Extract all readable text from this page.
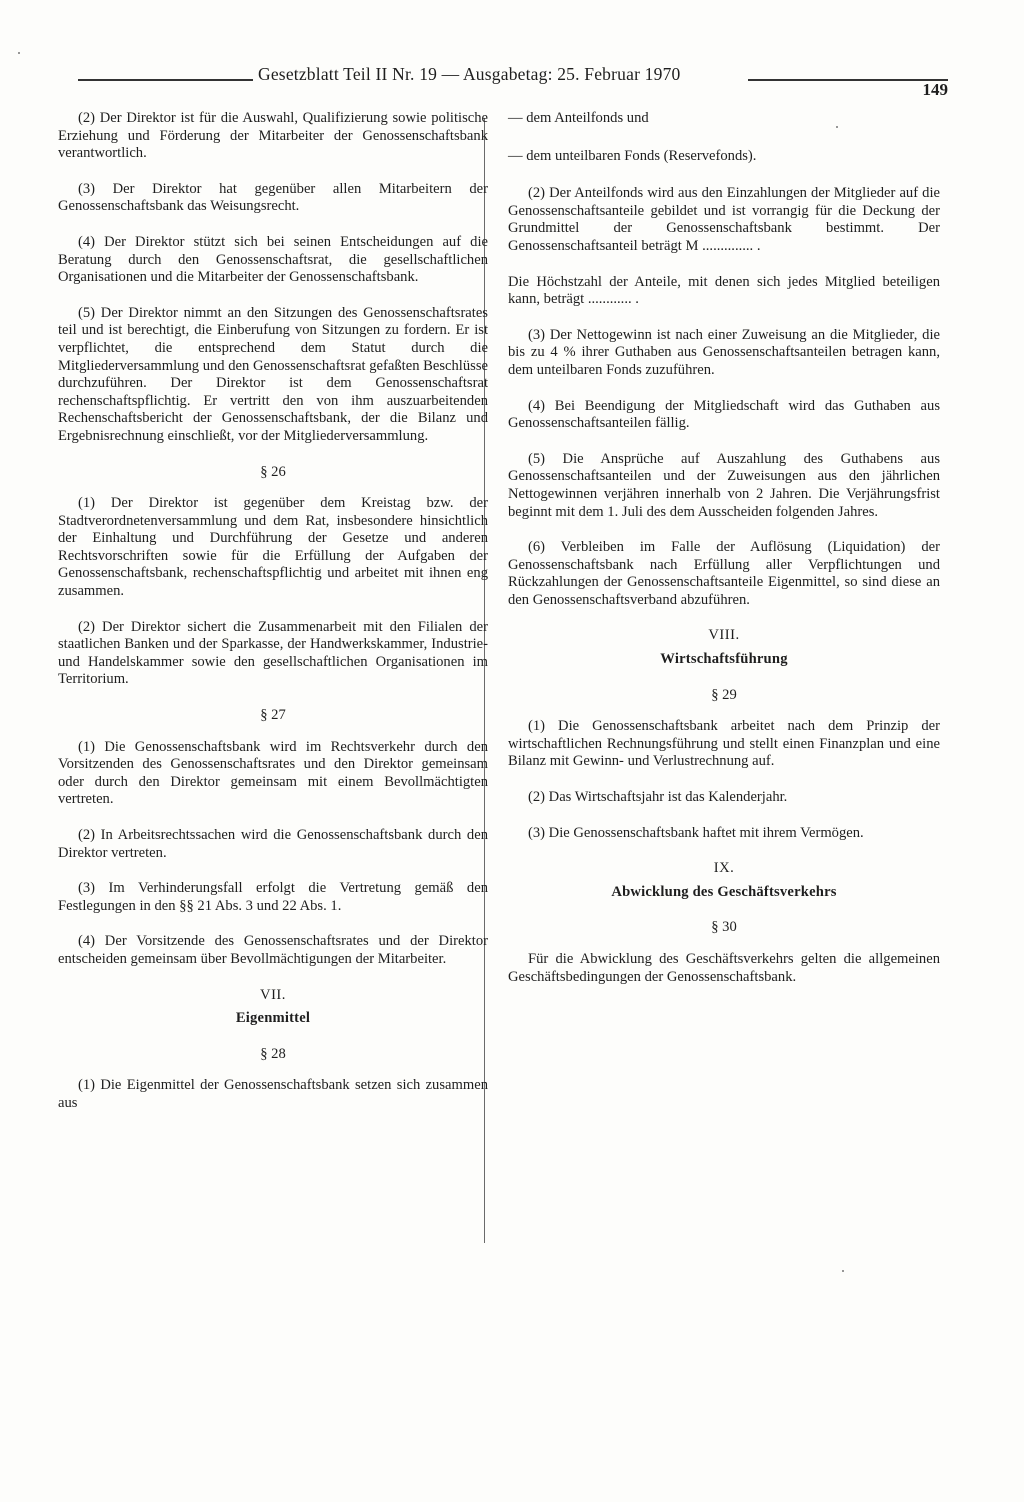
Gesetzblatt Teil II Nr. 19 — Ausgabetag: 25. Februar 1970
149

(2) Der Direktor ist für die Auswahl, Qualifizierung sowie politische Erziehung und Förderung der Mitarbeiter der Genossenschaftsbank verantwortlich.

(3) Der Direktor hat gegenüber allen Mitarbeitern der Genossenschaftsbank das Weisungsrecht.

(4) Der Direktor stützt sich bei seinen Entscheidungen auf die Beratung durch den Genossenschaftsrat, die gesellschaftlichen Organisationen und die Mitarbeiter der Genossenschaftsbank.

(5) Der Direktor nimmt an den Sitzungen des Genossenschaftsrates teil und ist berechtigt, die Einberufung von Sitzungen zu fordern. Er ist verpflichtet, die entsprechend dem Statut durch die Mitgliederversammlung und den Genossenschaftsrat gefaßten Beschlüsse durchzuführen. Der Direktor ist dem Genossenschaftsrat rechenschaftspflichtig. Er vertritt den von ihm auszuarbeitenden Rechenschaftsbericht der Genossenschaftsbank, der die Bilanz und Ergebnisrechnung einschließt, vor der Mitgliederversammlung.

§ 26

(1) Der Direktor ist gegenüber dem Kreistag bzw. der Stadtverordnetenversammlung und dem Rat, insbesondere hinsichtlich der Einhaltung und Durchführung der Gesetze und anderen Rechtsvorschriften sowie für die Erfüllung der Aufgaben der Genossenschaftsbank, rechenschaftspflichtig und arbeitet mit ihnen eng zusammen.

(2) Der Direktor sichert die Zusammenarbeit mit den Filialen der staatlichen Banken und der Sparkasse, der Handwerkskammer, Industrie- und Handelskammer sowie den gesellschaftlichen Organisationen im Territorium.

§ 27

(1) Die Genossenschaftsbank wird im Rechtsverkehr durch den Vorsitzenden des Genossenschaftsrates und den Direktor gemeinsam oder durch den Direktor gemeinsam mit einem Bevollmächtigten vertreten.

(2) In Arbeitsrechtssachen wird die Genossenschaftsbank durch den Direktor vertreten.

(3) Im Verhinderungsfall erfolgt die Vertretung gemäß den Festlegungen in den §§ 21 Abs. 3 und 22 Abs. 1.

(4) Der Vorsitzende des Genossenschaftsrates und der Direktor entscheiden gemeinsam über Bevollmächtigungen der Mitarbeiter.

VII.

Eigenmittel

§ 28

(1) Die Eigenmittel der Genossenschaftsbank setzen sich zusammen aus

— dem Anteilfonds und

— dem unteilbaren Fonds (Reservefonds).

(2) Der Anteilfonds wird aus den Einzahlungen der Mitglieder auf die Genossenschaftsanteile gebildet und ist vorrangig für die Deckung der Grundmittel der Genossenschaftsbank bestimmt. Der Genossenschaftsanteil beträgt M .............. .

Die Höchstzahl der Anteile, mit denen sich jedes Mitglied beteiligen kann, beträgt ............ .

(3) Der Nettogewinn ist nach einer Zuweisung an die Mitglieder, die bis zu 4 % ihrer Guthaben aus Genossenschaftsanteilen betragen kann, dem unteilbaren Fonds zuzuführen.

(4) Bei Beendigung der Mitgliedschaft wird das Guthaben aus Genossenschaftsanteilen fällig.

(5) Die Ansprüche auf Auszahlung des Guthabens aus Genossenschaftsanteilen und der Zuweisungen aus den jährlichen Nettogewinnen verjähren innerhalb von 2 Jahren. Die Verjährungsfrist beginnt mit dem 1. Juli des dem Ausscheiden folgenden Jahres.

(6) Verbleiben im Falle der Auflösung (Liquidation) der Genossenschaftsbank nach Erfüllung aller Verpflichtungen und Rückzahlungen der Genossenschaftsanteile Eigenmittel, so sind diese an den Genossenschaftsverband abzuführen.

VIII.

Wirtschaftsführung

§ 29

(1) Die Genossenschaftsbank arbeitet nach dem Prinzip der wirtschaftlichen Rechnungsführung und stellt einen Finanzplan und eine Bilanz mit Gewinn- und Verlustrechnung auf.

(2) Das Wirtschaftsjahr ist das Kalenderjahr.

(3) Die Genossenschaftsbank haftet mit ihrem Vermögen.

IX.

Abwicklung des Geschäftsverkehrs

§ 30

Für die Abwicklung des Geschäftsverkehrs gelten die allgemeinen Geschäftsbedingungen der Genossenschaftsbank.
